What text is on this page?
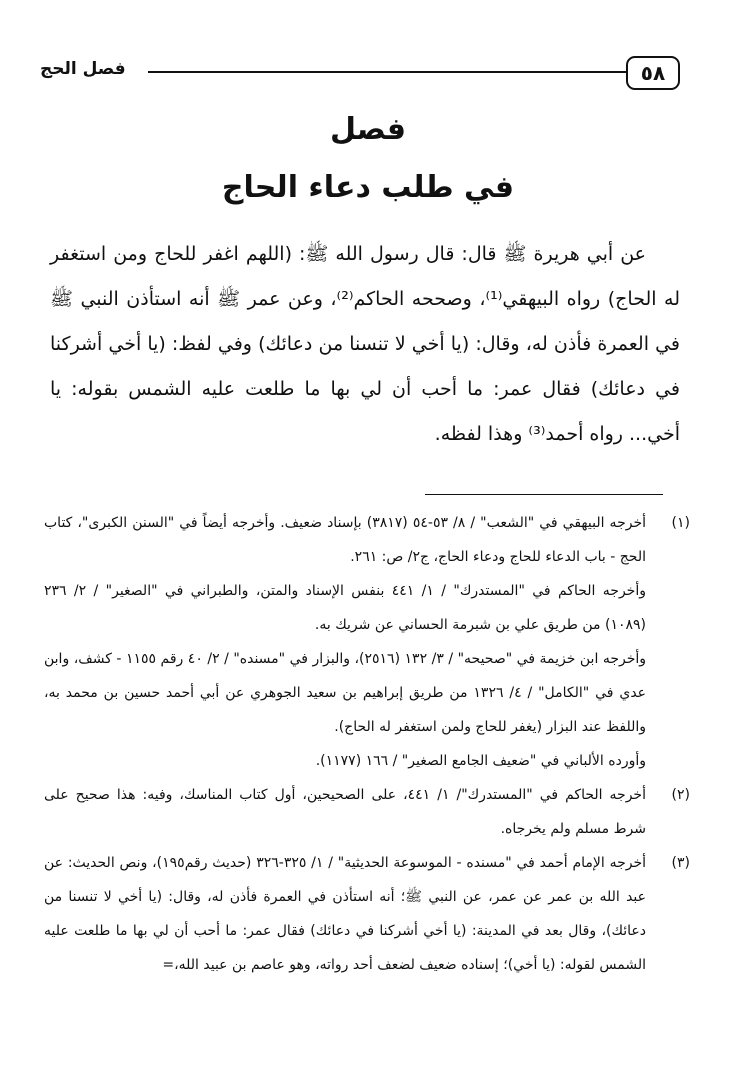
٥٨
فصل الحج
فصل
في طلب دعاء الحاج

عن أبي هريرة ﷺ قال: قال رسول الله ﷺ: (اللهم اغفر للحاج ومن استغفر له الحاج) رواه البيهقي⁽¹⁾، وصححه الحاكم⁽²⁾، وعن عمر ﷺ أنه استأذن النبي ﷺ في العمرة فأذن له، وقال: (يا أخي لا تنسنا من دعائك) وفي لفظ: (يا أخي أشركنا في دعائك) فقال عمر: ما أحب أن لي بها ما طلعت عليه الشمس بقوله: يا أخي... رواه أحمد⁽³⁾ وهذا لفظه.

(١)

أخرجه البيهقي في "الشعب" / ٨/ ٥٣-٥٤ (٣٨١٧) بإسناد ضعيف. وأخرجه أيضاً في "السنن الكبرى"، كتاب الحج - باب الدعاء للحاج ودعاء الحاج، ج٢/ ص: ٢٦١.

وأخرجه الحاكم في "المستدرك" / ١/ ٤٤١ بنفس الإسناد والمتن، والطبراني في "الصغير" / ٢/ ٢٣٦ (١٠٨٩) من طريق علي بن شبرمة الحساني عن شريك به.

وأخرجه ابن خزيمة في "صحيحه" / ٣/ ١٣٢ (٢٥١٦)، والبزار في "مسنده" / ٢/ ٤٠ رقم ١١٥٥ - كشف، وابن عدي في "الكامل" / ٤/ ١٣٢٦ من طريق إبراهيم بن سعيد الجوهري عن أبي أحمد حسين بن محمد به، واللفظ عند البزار (يغفر للحاج ولمن استغفر له الحاج).

وأورده الألباني في "ضعيف الجامع الصغير" / ١٦٦ (١١٧٧).

(٢)

أخرجه الحاكم في "المستدرك"/ ١/ ٤٤١، على الصحيحين، أول كتاب المناسك، وفيه: هذا صحيح على شرط مسلم ولم يخرجاه.

(٣)

أخرجه الإمام أحمد في "مسنده - الموسوعة الحديثية" / ١/ ٣٢٥-٣٢٦ (حديث رقم١٩٥)، ونص الحديث: عن عبد الله بن عمر عن عمر، عن النبي ﷺ؛ أنه استأذن في العمرة فأذن له، وقال: (يا أخي لا تنسنا من دعائك)، وقال بعد في المدينة: (يا أخي أشركنا في دعائك) فقال عمر: ما أحب أن لي بها ما طلعت عليه الشمس لقوله: (يا أخي)؛ إسناده ضعيف لضعف أحد رواته، وهو عاصم بن عبيد الله،=
